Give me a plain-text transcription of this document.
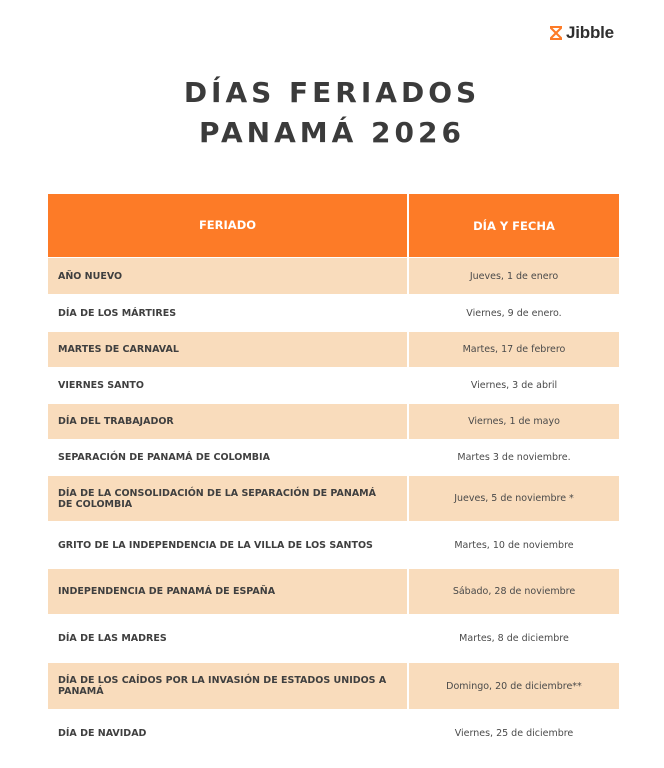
Jibble
DÍAS FERIADOS
PANAMÁ 2026
FERIADO	DÍA Y FECHA
AÑO NUEVO	Jueves, 1 de enero
DÍA DE LOS MÁRTIRES	Viernes, 9 de enero.
MARTES DE CARNAVAL	Martes, 17 de febrero
VIERNES SANTO	Viernes, 3 de abril
DÍA DEL TRABAJADOR	Viernes, 1 de mayo
SEPARACIÓN DE PANAMÁ DE COLOMBIA	Martes 3 de noviembre.
DÍA DE LA CONSOLIDACIÓN DE LA SEPARACIÓN DE PANAMÁ DE COLOMBIA	Jueves, 5 de noviembre *
GRITO DE LA INDEPENDENCIA DE LA VILLA DE LOS SANTOS	Martes, 10 de noviembre
INDEPENDENCIA DE PANAMÁ DE ESPAÑA	Sábado, 28 de noviembre
DÍA DE LAS MADRES	Martes, 8 de diciembre
DÍA DE LOS CAÍDOS POR LA INVASIÓN DE ESTADOS UNIDOS A PANAMÁ	Domingo, 20 de diciembre**
DÍA DE NAVIDAD	Viernes, 25 de diciembre
